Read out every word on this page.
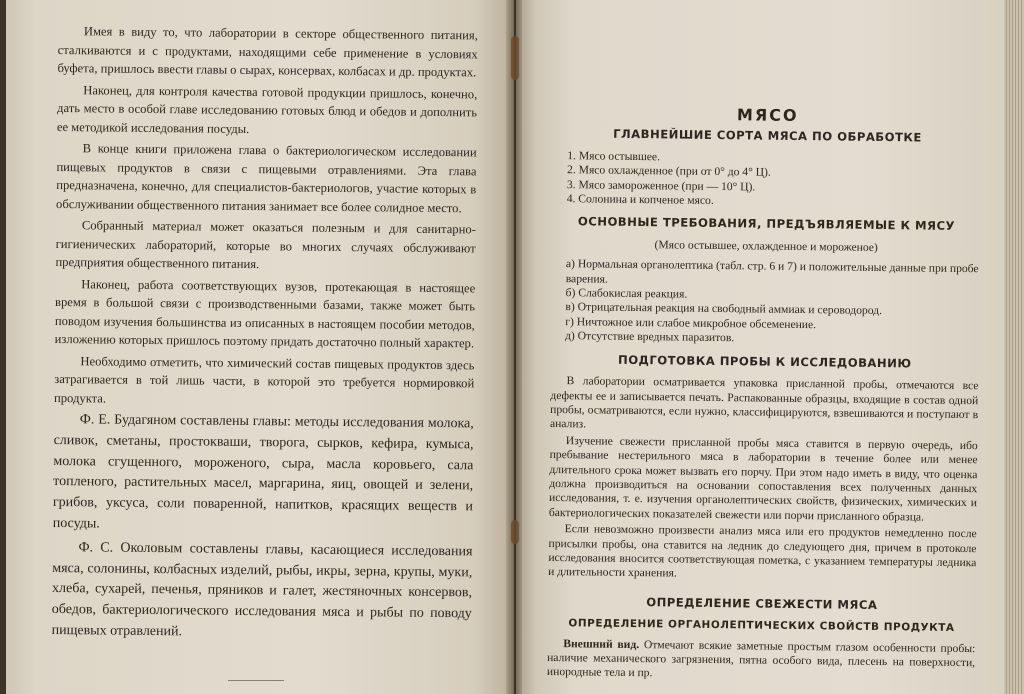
Имея в виду то, что лаборатории в секторе общественного питания, сталкиваются и с продуктами, находящими себе применение в условиях буфета, пришлось ввести главы о сырах, консервах, колбасах и др. продуктах.

Наконец, для контроля качества готовой продукции пришлось, конечно, дать место в особой главе исследованию готовых блюд и обедов и дополнить ее методикой исследования посуды.

В конце книги приложена глава о бактериологическом исследовании пищевых продуктов в связи с пищевыми отравлениями. Эта глава предназначена, конечно, для специалистов-бактериологов, участие которых в обслуживании общественного питания занимает все более солидное место.

Собранный материал может оказаться полезным и для санитарно-гигиенических лабораторий, которые во многих случаях обслуживают предприятия общественного питания.

Наконец, работа соответствующих вузов, протекающая в настоящее время в большой связи с производственными базами, также может быть поводом изучения большинства из описанных в настоящем пособии методов, изложению которых пришлось поэтому придать достаточно полный характер.

Необходимо отметить, что химический состав пищевых продуктов здесь затрагивается в той лишь части, в которой это требуется нормировкой продукта.

Ф. Е. Будагяном составлены главы: методы исследования молока, сливок, сметаны, простокваши, творога, сырков, кефира, кумыса, молока сгущенного, мороженого, сыра, масла коровьего, сала топленого, растительных масел, маргарина, яиц, овощей и зелени, грибов, уксуса, соли поваренной, напитков, красящих веществ и посуды.

Ф. С. Околовым составлены главы, касающиеся исследования мяса, солонины, колбасных изделий, рыбы, икры, зерна, крупы, муки, хлеба, сухарей, печенья, пряников и галет, жестяночных консервов, обедов, бактериологического исследования мяса и рыбы по поводу пищевых отравлений.

МЯСО
ГЛАВНЕЙШИЕ СОРТА МЯСА ПО ОБРАБОТКЕ
1. Мясо остывшее.
2. Мясо охлажденное (при от 0° до 4° Ц).
3. Мясо замороженное (при — 10° Ц).
4. Солонина и копченое мясо.
ОСНОВНЫЕ ТРЕБОВАНИЯ, ПРЕДЪЯВЛЯЕМЫЕ К МЯСУ
(Мясо остывшее, охлажденное и мороженое)
а) Нормальная органолептика (табл. стр. 6 и 7) и положительные данные при пробе варения.
б) Слабокислая реакция.
в) Отрицательная реакция на свободный аммиак и сероводород.
г) Ничтожное или слабое микробное обсеменение.
д) Отсутствие вредных паразитов.
ПОДГОТОВКА ПРОБЫ К ИССЛЕДОВАНИЮ

В лаборатории осматривается упаковка присланной пробы, отмечаются все дефекты ее и записывается печать. Распакованные образцы, входящие в состав одной пробы, осматриваются, если нужно, классифицируются, взвешиваются и поступают в анализ.

Изучение свежести присланной пробы мяса ставится в первую очередь, ибо пребывание нестерильного мяса в лаборатории в течение более или менее длительного срока может вызвать его порчу. При этом надо иметь в виду, что оценка должна производиться на основании сопоставления всех полученных данных исследования, т. е. изучения органолептических свойств, физических, химических и бактериологических показателей свежести или порчи присланного образца.

Если невозможно произвести анализ мяса или его продуктов немедленно после присылки пробы, она ставится на ледник до следующего дня, причем в протоколе исследования вносится соответствующая пометка, с указанием температуры ледника и длительности хранения.

ОПРЕДЕЛЕНИЕ СВЕЖЕСТИ МЯСА
ОПРЕДЕЛЕНИЕ ОРГАНОЛЕПТИЧЕСКИХ СВОЙСТВ ПРОДУКТА

Внешний вид. Отмечают всякие заметные простым глазом особенности пробы: наличие механического загрязнения, пятна особого вида, плесень на поверхности, инородные тела и пр.
